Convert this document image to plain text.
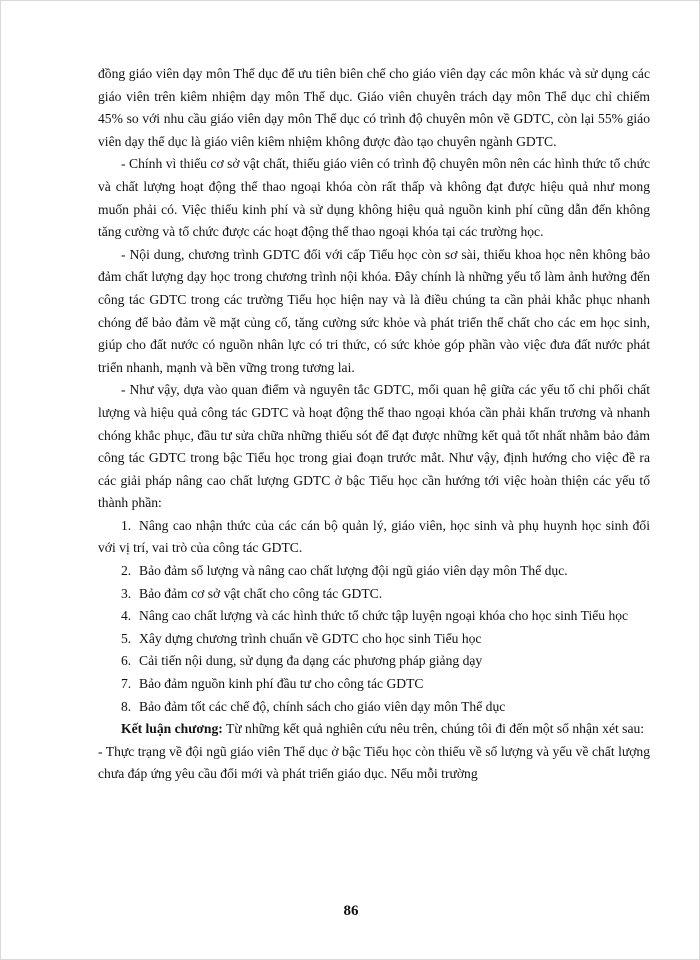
đồng giáo viên dạy môn Thể dục để ưu tiên biên chế cho giáo viên dạy các môn khác và sử dụng các giáo viên trên kiêm nhiệm dạy môn Thể dục. Giáo viên chuyên trách dạy môn Thể dục chỉ chiếm 45% so với nhu cầu giáo viên dạy môn Thể dục có trình độ chuyên môn về GDTC, còn lại 55% giáo viên dạy thể dục là giáo viên kiêm nhiệm không được đào tạo chuyên ngành GDTC.

- Chính vì thiếu cơ sở vật chất, thiếu giáo viên có trình độ chuyên môn nên các hình thức tổ chức và chất lượng hoạt động thể thao ngoại khóa còn rất thấp và không đạt được hiệu quả như mong muốn phải có. Việc thiếu kinh phí và sử dụng không hiệu quả nguồn kinh phí cũng dẫn đến không tăng cường và tổ chức được các hoạt động thể thao ngoại khóa tại các trường học.

- Nội dung, chương trình GDTC đối với cấp Tiểu học còn sơ sài, thiếu khoa học nên không bảo đảm chất lượng dạy học trong chương trình nội khóa. Đây chính là những yếu tố làm ảnh hưởng đến công tác GDTC trong các trường Tiểu học hiện nay và là điều chúng ta cần phải khắc phục nhanh chóng để bảo đảm về mặt củng cố, tăng cường sức khỏe và phát triển thể chất cho các em học sinh, giúp cho đất nước có nguồn nhân lực có tri thức, có sức khỏe góp phần vào việc đưa đất nước phát triển nhanh, mạnh và bền vững trong tương lai.

- Như vậy, dựa vào quan điểm và nguyên tắc GDTC, mối quan hệ giữa các yếu tố chi phối chất lượng và hiệu quả công tác GDTC và hoạt động thể thao ngoại khóa cần phải khẩn trương và nhanh chóng khắc phục, đầu tư sửa chữa những thiếu sót để đạt được những kết quả tốt nhất nhằm bảo đảm công tác GDTC trong bậc Tiểu học trong giai đoạn trước mắt. Như vậy, định hướng cho việc đề ra các giải pháp nâng cao chất lượng GDTC ở bậc Tiểu học cần hướng tới việc hoàn thiện các yếu tố thành phần:

1. Nâng cao nhận thức của các cán bộ quản lý, giáo viên, học sinh và phụ huynh học sinh đối với vị trí, vai trò của công tác GDTC.

2. Bảo đảm số lượng và nâng cao chất lượng đội ngũ giáo viên dạy môn Thể dục.

3. Bảo đảm cơ sở vật chất cho công tác GDTC.

4. Nâng cao chất lượng và các hình thức tổ chức tập luyện ngoại khóa cho học sinh Tiểu học

5. Xây dựng chương trình chuẩn về GDTC cho học sinh Tiểu học

6. Cải tiến nội dung, sử dụng đa dạng các phương pháp giảng dạy

7. Bảo đảm nguồn kinh phí đầu tư cho công tác GDTC

8. Bảo đảm tốt các chế độ, chính sách cho giáo viên dạy môn Thể dục

Kết luận chương: Từ những kết quả nghiên cứu nêu trên, chúng tôi đi đến một số nhận xét sau:

- Thực trạng về đội ngũ giáo viên Thể dục ở bậc Tiểu học còn thiếu về số lượng và yếu về chất lượng chưa đáp ứng yêu cầu đổi mới và phát triển giáo dục. Nếu mỗi trường

86
